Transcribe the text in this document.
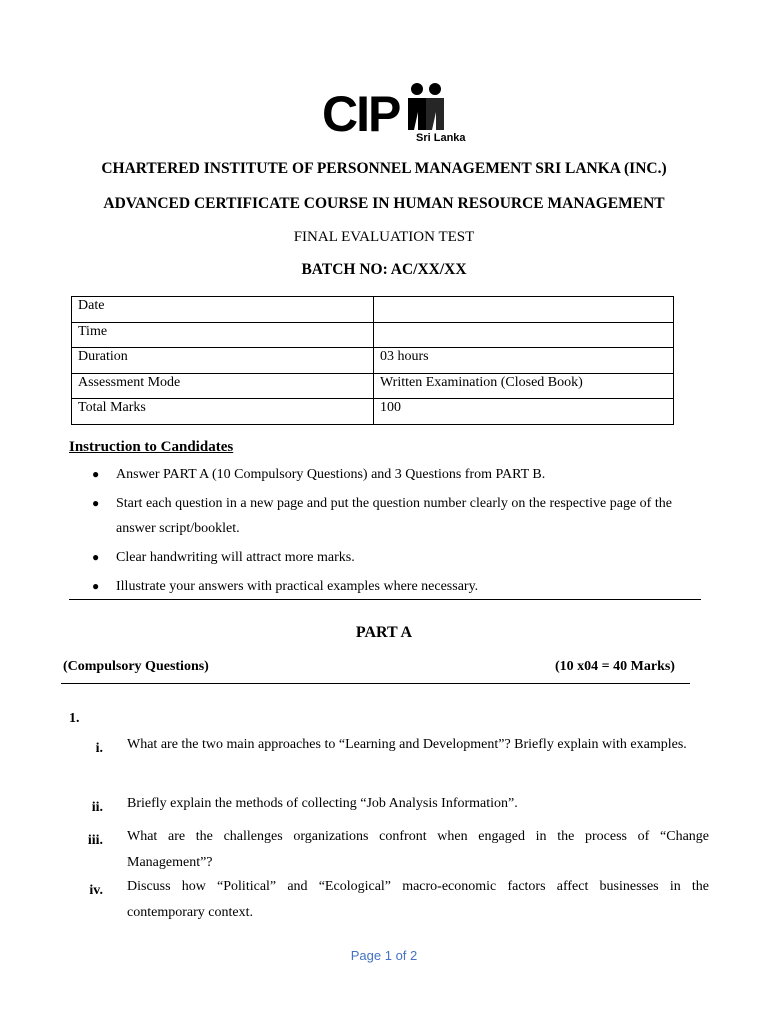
CIP Sri Lanka
CHARTERED INSTITUTE OF PERSONNEL MANAGEMENT SRI LANKA (INC.)
ADVANCED CERTIFICATE COURSE IN HUMAN RESOURCE MANAGEMENT
FINAL EVALUATION TEST
BATCH NO: AC/XX/XX
Date	
Time	
Duration	03 hours
Assessment Mode	Written Examination (Closed Book)
Total Marks	100
Instruction to Candidates
● Answer PART A (10 Compulsory Questions) and 3 Questions from PART B.
● Start each question in a new page and put the question number clearly on the respective page of the answer script/booklet.
● Clear handwriting will attract more marks.
● Illustrate your answers with practical examples where necessary.
PART A
(Compulsory Questions)	(10 x04 = 40 Marks)
1.
i. What are the two main approaches to “Learning and Development”? Briefly explain with examples.
ii. Briefly explain the methods of collecting “Job Analysis Information”.
iii. What are the challenges organizations confront when engaged in the process of “Change Management”?
iv. Discuss how “Political” and “Ecological” macro-economic factors affect businesses in the contemporary context.
Page 1 of 2
